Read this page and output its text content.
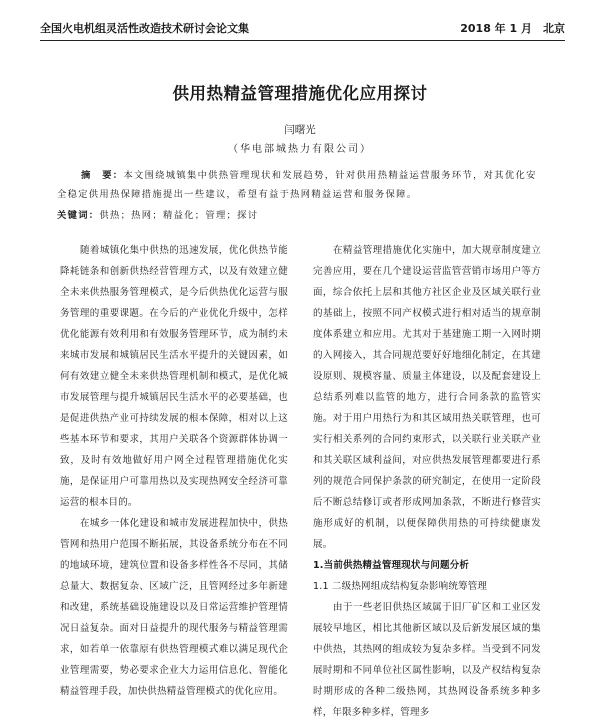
全国火电机组灵活性改造技术研讨会论文集	2018 年 1 月　北京
供用热精益管理措施优化应用探讨
闫曙光
（华电部城热力有限公司）
摘　要：本文围绕城镇集中供热管理现状和发展趋势，针对供用热精益运营服务环节，对其优化安全稳定供用热保障措施提出一些建议，希望有益于热网精益运营和服务保障。
关键词：供热；热网；精益化；管理；探讨

随着城镇化集中供热的迅速发展，优化供热节能降耗链条和创新供热经营管理方式，以及有效建立健全未来供热服务管理模式，是今后供热优化运营与服务管理的重要课题。在今后的产业优化升级中，怎样优化能源有效利用和有效服务管理环节，成为制约未来城市发展和城镇居民生活水平提升的关键因素，如何有效建立健全未来供热管理机制和模式，是优化城市发展管理与提升城镇居民生活水平的必要基础，也是促进供热产业可持续发展的根本保障，相对以上这些基本环节和要求，其用户关联各个资源群体协调一致，及时有效地做好用户网全过程管理措施优化实施，是保证用户可靠用热以及实现热网安全经济可靠运营的根本目的。

在城乡一体化建设和城市发展进程加快中，供热管网和热用户范围不断拓展，其设备系统分布在不同的地域环境，建筑位置和设备多样性各不尽同，其储总量大、数据复杂、区域广泛，且管网经过多年新建和改建，系统基础设施建设以及日常运营维护管理情况日益复杂。面对日益提升的现代服务与精益管理需求，如若单一依靠原有供热管理模式难以满足现代企业管理需要，势必要求企业大力运用信息化、智能化精益管理手段，加快供热精益管理模式的优化应用。

在精益管理措施优化实施中，加大规章制度建立完善应用，要在几个建设运营监管营销市场用户等方面，综合依托上层和其他方社区企业及区域关联行业的基础上，按照不同产权模式进行相对适当的规章制度体系建立和应用。尤其对于基建施工期一入网时期的入网接入，其合同规范要好好地细化制定，在其建设原则、规模容量、质量主体建设，以及配套建设上总结系列难以监管的地方，进行合同条款的监管实施。对于用户用热行为和其区域用热关联管理，也可实行相关系列的合同约束形式，以关联行业关联产业和其关联区域利益间，对应供热发展管理都要进行系列的规范合同保护条款的研究制定，在使用一定阶段后不断总结修订或者形成网加条款，不断进行修营实施形成好的机制，以便保障供用热的可持续健康发展。

1.当前供热精益管理现状与问题分析

1.1 二级热网组成结构复杂影响统筹管理

由于一些老旧供热区域属于旧厂矿区和工业区发展较早地区，相比其他新区域以及后新发展区域的集中供热，其热网的组成较为复杂多样。当受到不同发展时期和不同单位社区属性影响，以及产权结构复杂时期形成的各种二级热网，其热网设备系统多种多样，年限多种多样，管理多
